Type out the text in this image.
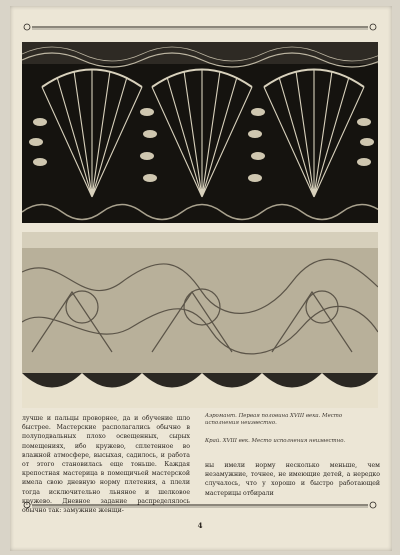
Аэромант. Первая половина XVIII века. Место исполнения неизвестно.
Край. XVIII век. Место исполнения неизвестно.

лучше и пальцы проворнее, да и обучение шло быстрее. Мастерские располагались обычно в полуподвальных плохо освещенных, сырых помещениях, ибо кружево, сплетенное во влажной атмосфере, высыхая, садилось, и работа от этого становилась еще тоньше. Каждая крепостная мастерица в помещичьей мастерской имела свою дневную норму плетения, а плели тогда исключительно льняное и шелковое кружево. Дневное задание распределялось обычно так: замужние женщи-

ны имели норму несколько меньше, чем незамужние, точнее, не имеющие детей, а нередко случалось, что у хорошо и быстро работающей мастерицы отбирали

4
